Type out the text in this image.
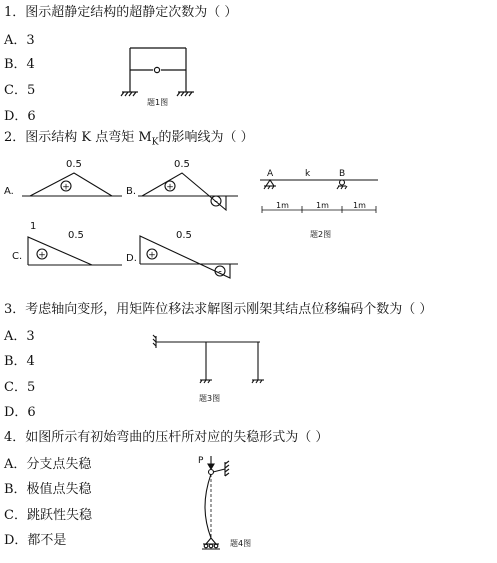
1．图示超静定结构的超静定次数为（ ）
A．3
B．4
C．5
D．6
题1图
2．图示结构 K 点弯矩 $M_K$的影响线为（ ）
A.
0.5
+	B.
0.5
+
-
C.
1
0.5
+	D.
0.5
+
-
A	k	B
1m	1m	1m
题2图
3．考虑轴向变形，用矩阵位移法求解图示刚架其结点位移编码个数为（ ）
A．3
B．4
C．5
D．6
题3图
4．如图所示有初始弯曲的压杆所对应的失稳形式为（ ）
A．分支点失稳
B．极值点失稳
C．跳跃性失稳
D．都不是
P
题4图
